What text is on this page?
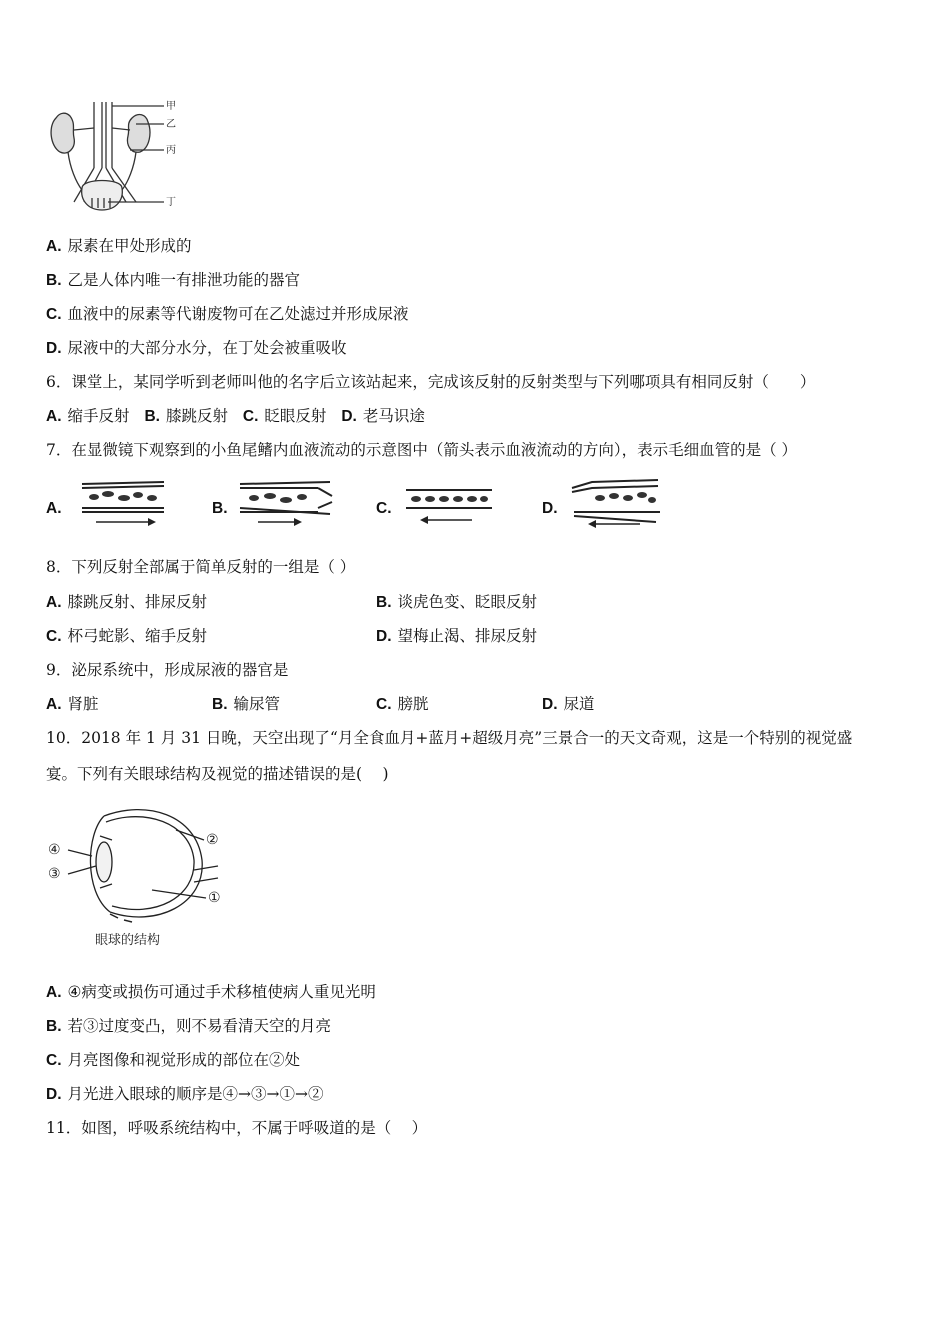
甲
乙
丙
丁
A. 尿素在甲处形成的
B. 乙是人体内唯一有排泄功能的器官
C. 血液中的尿素等代谢废物可在乙处滤过并形成尿液
D. 尿液中的大部分水分，在丁处会被重吸收
6．课堂上，某同学听到老师叫他的名字后立该站起来，完成该反射的反射类型与下列哪项具有相同反射（　　）
A. 缩手反射 B. 膝跳反射 C. 眨眼反射 D. 老马识途
7．在显微镜下观察到的小鱼尾鳍内血液流动的示意图中（箭头表示血液流动的方向），表示毛细血管的是（ ）
A.	B.	C.	D.
8．下列反射全部属于简单反射的一组是（ ）
A. 膝跳反射、排尿反射	B. 谈虎色变、眨眼反射
C. 杯弓蛇影、缩手反射	D. 望梅止渴、排尿反射
9．泌尿系统中，形成尿液的器官是
A. 肾脏	B. 输尿管	C. 膀胱	D. 尿道
10．2018 年 1 月 31 日晚，天空出现了“月全食血月+蓝月+超级月亮”三景合一的天文奇观，这是一个特别的视觉盛
宴。下列有关眼球结构及视觉的描述错误的是(　 )
④
③
②
①
眼球的结构
A. ④病变或损伤可通过手术移植使病人重见光明
B. 若③过度变凸，则不易看清天空的月亮
C. 月亮图像和视觉形成的部位在②处
D. 月光进入眼球的顺序是④→③→①→②
11．如图，呼吸系统结构中，不属于呼吸道的是（　 ）
